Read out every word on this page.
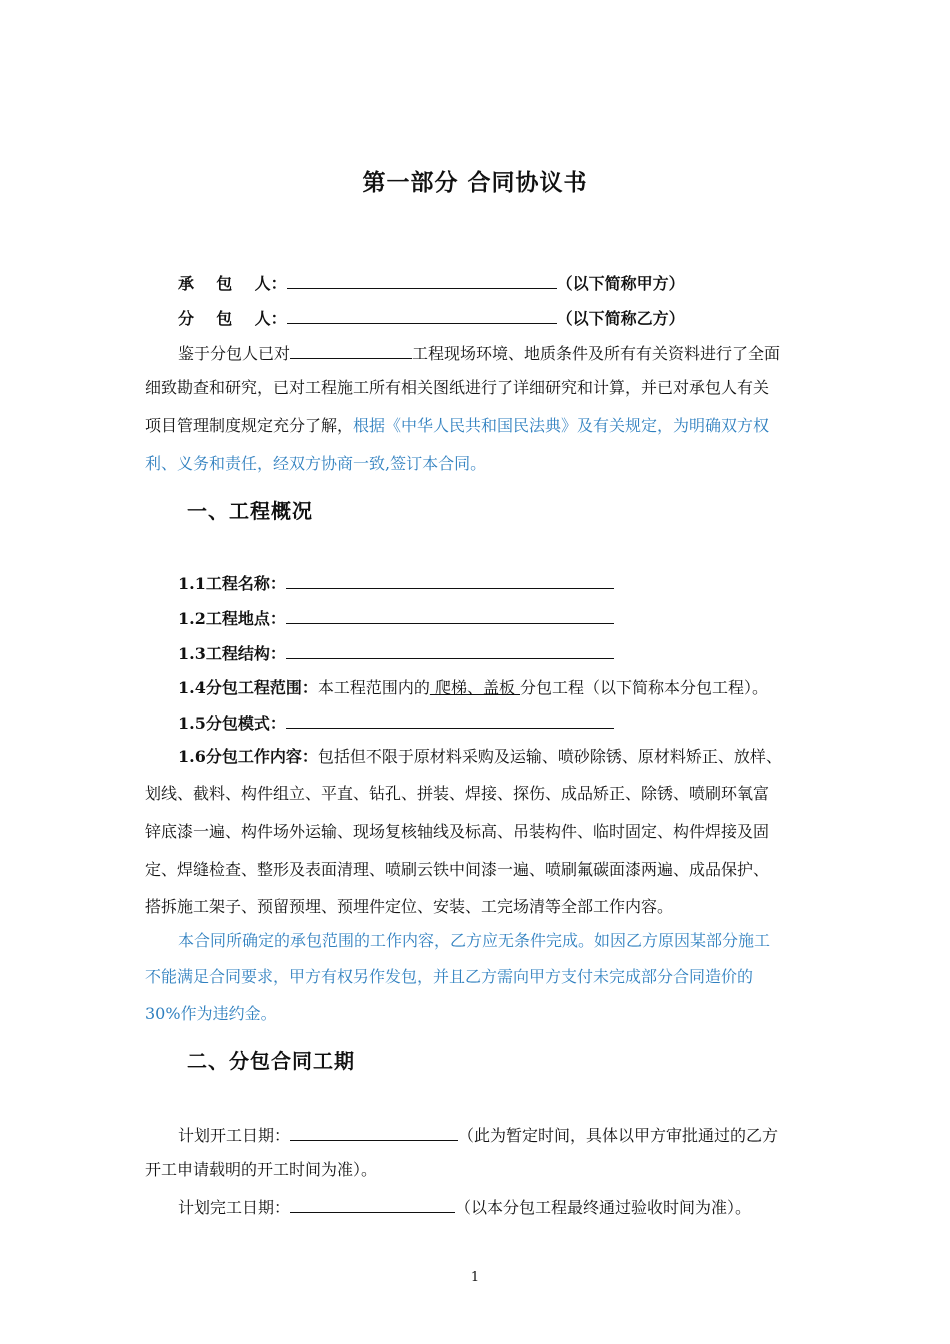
第一部分 合同协议书
承    包    人：	（以下简称甲方）
分    包    人：	（以下简称乙方）
鉴于分包人已对	工程现场环境、地质条件及所有有关资料进行了全面
细致勘查和研究，已对工程施工所有相关图纸进行了详细研究和计算，并已对承包人有关
项目管理制度规定充分了解，根据《中华人民共和国民法典》及有关规定，为明确双方权
利、义务和责任，经双方协商一致,签订本合同。
一、工程概况
1.1工程名称：
1.2工程地点：
1.3工程结构：
1.4分包工程范围：本工程范围内的 爬梯、盖板 分包工程（以下简称本分包工程）。
1.5分包模式：
1.6分包工作内容：包括但不限于原材料采购及运输、喷砂除锈、原材料矫正、放样、
划线、截料、构件组立、平直、钻孔、拼装、焊接、探伤、成品矫正、除锈、喷刷环氧富
锌底漆一遍、构件场外运输、现场复核轴线及标高、吊装构件、临时固定、构件焊接及固
定、焊缝检查、整形及表面清理、喷刷云铁中间漆一遍、喷刷氟碳面漆两遍、成品保护、
搭拆施工架子、预留预埋、预埋件定位、安装、工完场清等全部工作内容。
本合同所确定的承包范围的工作内容，乙方应无条件完成。如因乙方原因某部分施工
不能满足合同要求，甲方有权另作发包，并且乙方需向甲方支付未完成部分合同造价的
30%作为违约金。
二、分包合同工期
计划开工日期：	（此为暂定时间，具体以甲方审批通过的乙方
开工申请载明的开工时间为准）。
计划完工日期：	（以本分包工程最终通过验收时间为准）。
1
